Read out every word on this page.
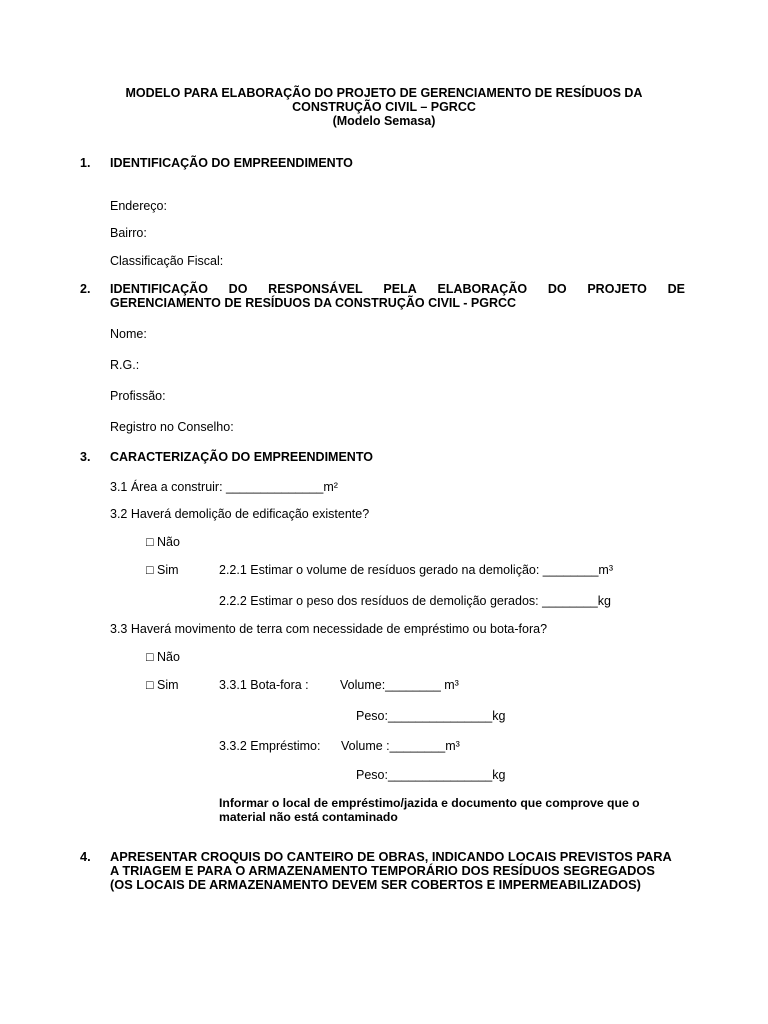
MODELO PARA ELABORAÇÃO DO PROJETO DE GERENCIAMENTO DE RESÍDUOS DA
CONSTRUÇÃO CIVIL – PGRCC
(Modelo Semasa)
1. IDENTIFICAÇÃO DO EMPREENDIMENTO
Endereço:
Bairro:
Classificação Fiscal:
2. IDENTIFICAÇÃO DO RESPONSÁVEL PELA ELABORAÇÃO DO PROJETO DE
GERENCIAMENTO DE RESÍDUOS DA CONSTRUÇÃO CIVIL - PGRCC
Nome:
R.G.:
Profissão:
Registro no Conselho:
3. CARACTERIZAÇÃO DO EMPREENDIMENTO
3.1 Área a construir: ______________m²
3.2 Haverá demolição de edificação existente?
□ Não
□ Sim	2.2.1 Estimar o volume de resíduos gerado na demolição: ________m³
2.2.2 Estimar o peso dos resíduos de demolição gerados: ________kg
3.3 Haverá movimento de terra com necessidade de empréstimo ou bota-fora?
□ Não
□ Sim	3.3.1 Bota-fora :	Volume:________ m³
Peso:_______________kg
3.3.2 Empréstimo: Volume :________m³
Peso:_______________kg
Informar o local de empréstimo/jazida e documento que comprove que o
material não está contaminado
4. APRESENTAR CROQUIS DO CANTEIRO DE OBRAS, INDICANDO LOCAIS PREVISTOS PARA
A TRIAGEM E PARA O ARMAZENAMENTO TEMPORÁRIO DOS RESÍDUOS SEGREGADOS
(OS LOCAIS DE ARMAZENAMENTO DEVEM SER COBERTOS E IMPERMEABILIZADOS)
